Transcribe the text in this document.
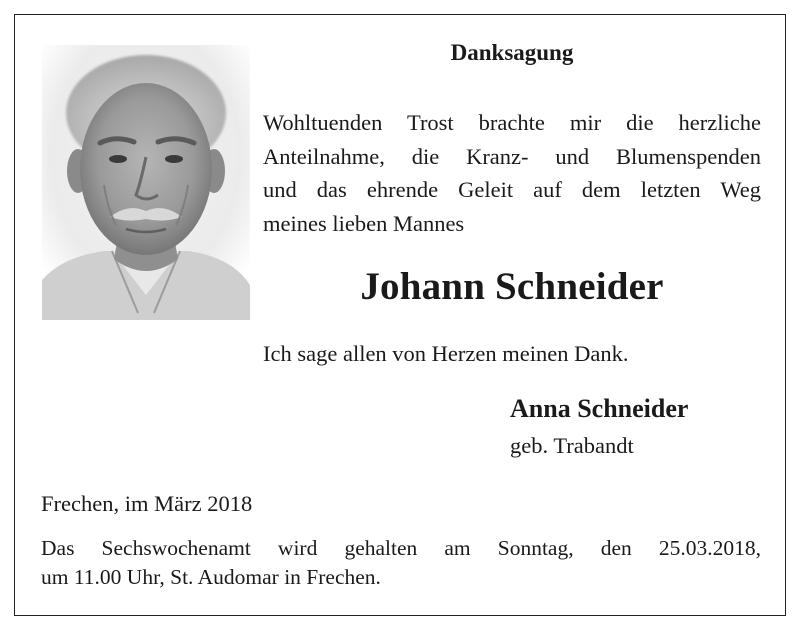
Danksagung
Wohltuenden Trost brachte mir die herzliche
Anteilnahme, die Kranz- und Blumenspenden
und das ehrende Geleit auf dem letzten Weg
meines lieben Mannes
Johann Schneider
Ich sage allen von Herzen meinen Dank.
Anna Schneider
geb. Trabandt
Frechen, im März 2018
Das Sechswochenamt wird gehalten am Sonntag, den 25.03.2018,
um 11.00 Uhr, St. Audomar in Frechen.
